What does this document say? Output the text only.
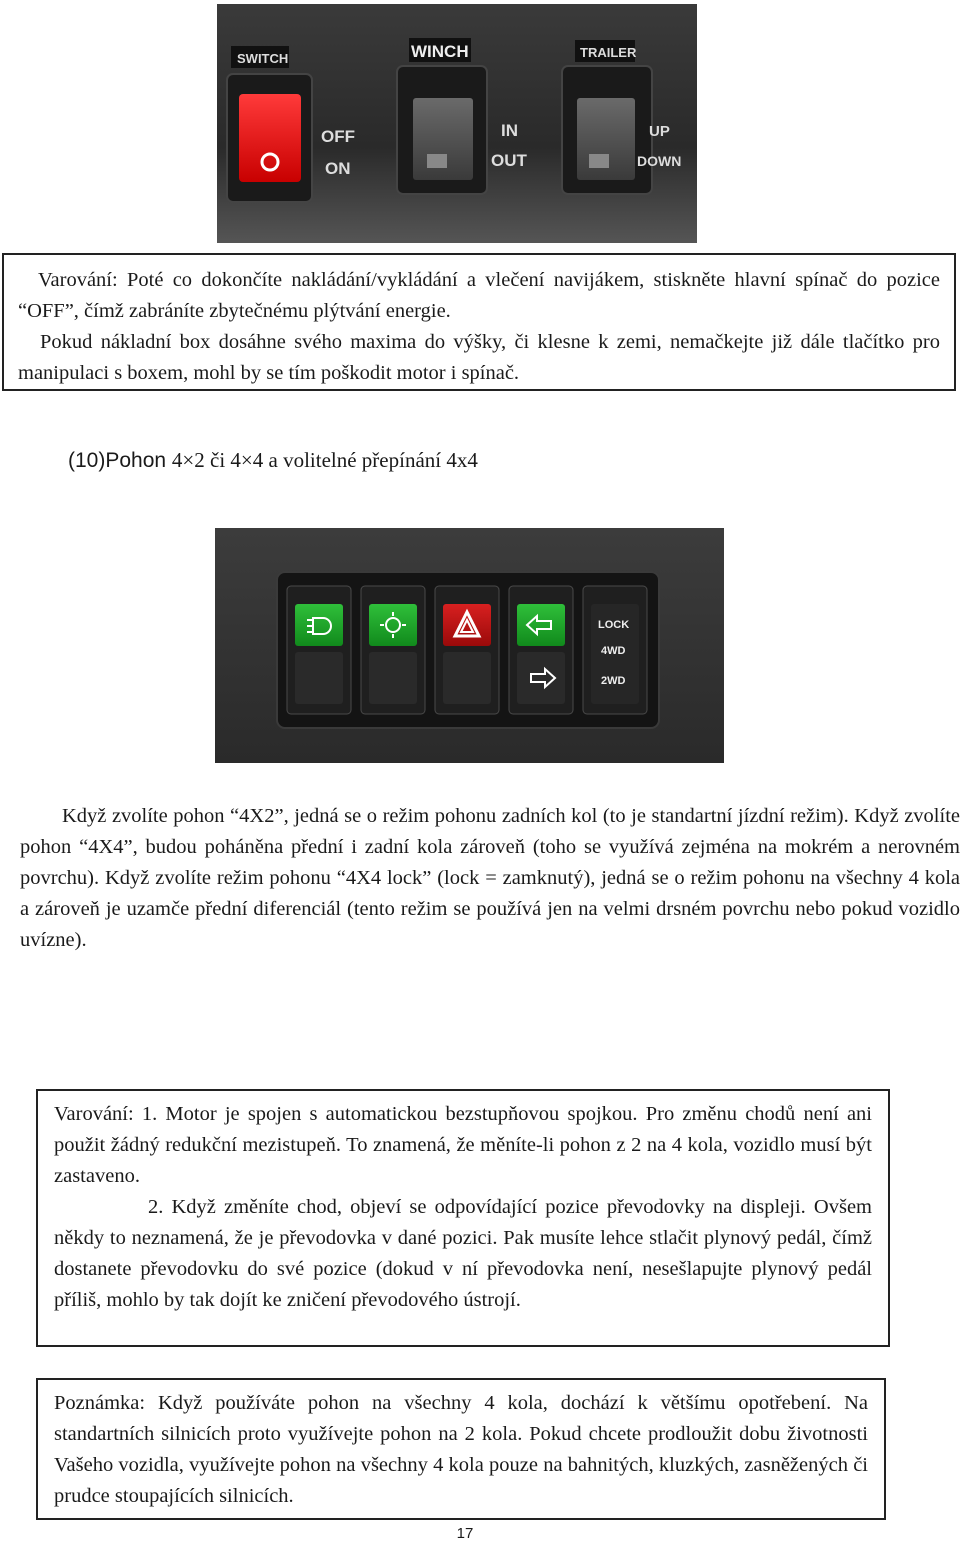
SWITCH
OFF
ON
WINCH
IN
OUT
TRAILER
UP
DOWN

Varování: Poté co dokončíte nakládání/vykládání a vlečení navijákem, stiskněte hlavní spínač do pozice “OFF”, čímž zabráníte zbytečnému plýtvání energie.

Pokud nákladní box dosáhne svého maxima do výšky, či klesne k zemi, nemačkejte již dále tlačítko pro manipulaci s boxem, mohl by se tím poškodit motor i spínač.

(10)Pohon 4×2 či 4×4 a volitelné přepínání 4x4
LOCK
4WD
2WD

Když zvolíte pohon “4X2”, jedná se o režim pohonu zadních kol (to je standartní jízdní režim). Když zvolíte pohon “4X4”, budou poháněna přední i zadní kola zároveň (toho se využívá zejména na mokrém a nerovném povrchu). Když zvolíte režim pohonu “4X4 lock” (lock = zamknutý), jedná se o režim pohonu na všechny 4 kola a zároveň je uzamče přední diferenciál (tento režim se používá jen na velmi drsném povrchu nebo pokud vozidlo uvízne).

Varování: 1. Motor je spojen s automatickou bezstupňovou spojkou. Pro změnu chodů není ani použit žádný redukční mezistupeň. To znamená, že měníte-li pohon z 2 na 4 kola, vozidlo musí být zastaveno.

2. Když změníte chod, objeví se odpovídající pozice převodovky na displeji. Ovšem někdy to neznamená, že je převodovka v dané pozici. Pak musíte lehce stlačit plynový pedál, čímž dostanete převodovku do své pozice (dokud v ní převodovka není, nesešlapujte plynový pedál příliš, mohlo by tak dojít ke zničení převodového ústrojí.

Poznámka: Když používáte pohon na všechny 4 kola, dochází k většímu opotřebení. Na standartních silnicích proto využívejte pohon na 2 kola. Pokud chcete prodloužit dobu životnosti Vašeho vozidla, využívejte pohon na všechny 4 kola pouze na bahnitých, kluzkých, zasněžených či prudce stoupajících silnicích.

17
